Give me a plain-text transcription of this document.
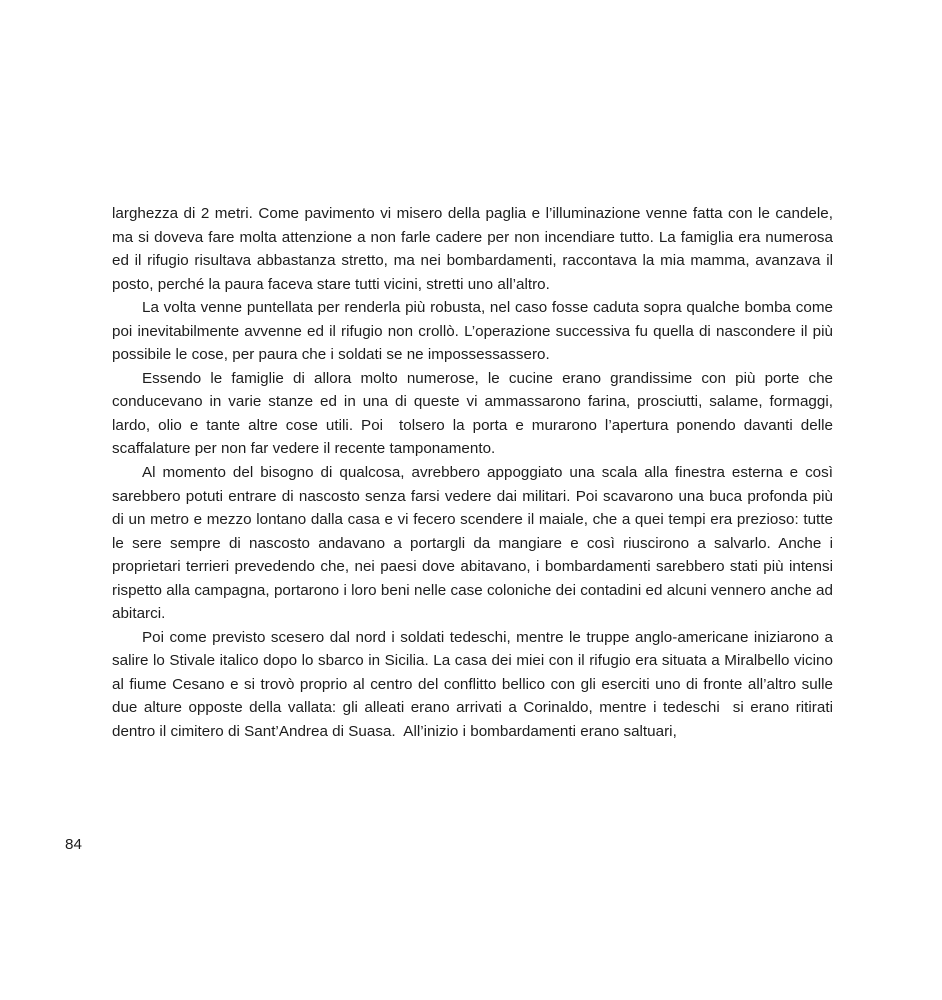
larghezza di 2 metri. Come pavimento vi misero della paglia e l’illuminazione venne fatta con le candele, ma si doveva fare molta attenzione a non farle cadere per non incendiare tutto. La famiglia era numerosa ed il rifugio risultava abbastanza stretto, ma nei bombardamenti, raccontava la mia mamma, avanzava il posto, perché la paura faceva stare tutti vicini, stretti uno all’altro.

La volta venne puntellata per renderla più robusta, nel caso fosse caduta sopra qualche bomba come poi inevitabilmente avvenne ed il rifugio non crollò. L’operazione successiva fu quella di nascondere il più possibile le cose, per paura che i soldati se ne impossessassero.

Essendo le famiglie di allora molto numerose, le cucine erano grandissime con più porte che conducevano in varie stanze ed in una di queste vi ammassarono farina, prosciutti, salame, formaggi, lardo, olio e tante altre cose utili. Poi  tolsero la porta e murarono l’apertura ponendo davanti delle scaffalature per non far vedere il recente tamponamento.

Al momento del bisogno di qualcosa, avrebbero appoggiato una scala alla finestra esterna e così sarebbero potuti entrare di nascosto senza farsi vedere dai militari. Poi scavarono una buca profonda più di un metro e mezzo lontano dalla casa e vi fecero scendere il maiale, che a quei tempi era prezioso: tutte le sere sempre di nascosto andavano a portargli da mangiare e così riuscirono a salvarlo. Anche i proprietari terrieri prevedendo che, nei paesi dove abitavano, i bombardamenti sarebbero stati più intensi rispetto alla campagna, portarono i loro beni nelle case coloniche dei contadini ed alcuni vennero anche ad abitarci.

Poi come previsto scesero dal nord i soldati tedeschi, mentre le truppe anglo-americane iniziarono a salire lo Stivale italico dopo lo sbarco in Sicilia. La casa dei miei con il rifugio era situata a Miralbello vicino al fiume Cesano e si trovò proprio al centro del conflitto bellico con gli eserciti uno di fronte all’altro sulle due alture opposte della vallata: gli alleati erano arrivati a Corinaldo, mentre i tedeschi  si erano ritirati dentro il cimitero di Sant’Andrea di Suasa.  All’inizio i bombardamenti erano saltuari,

84
